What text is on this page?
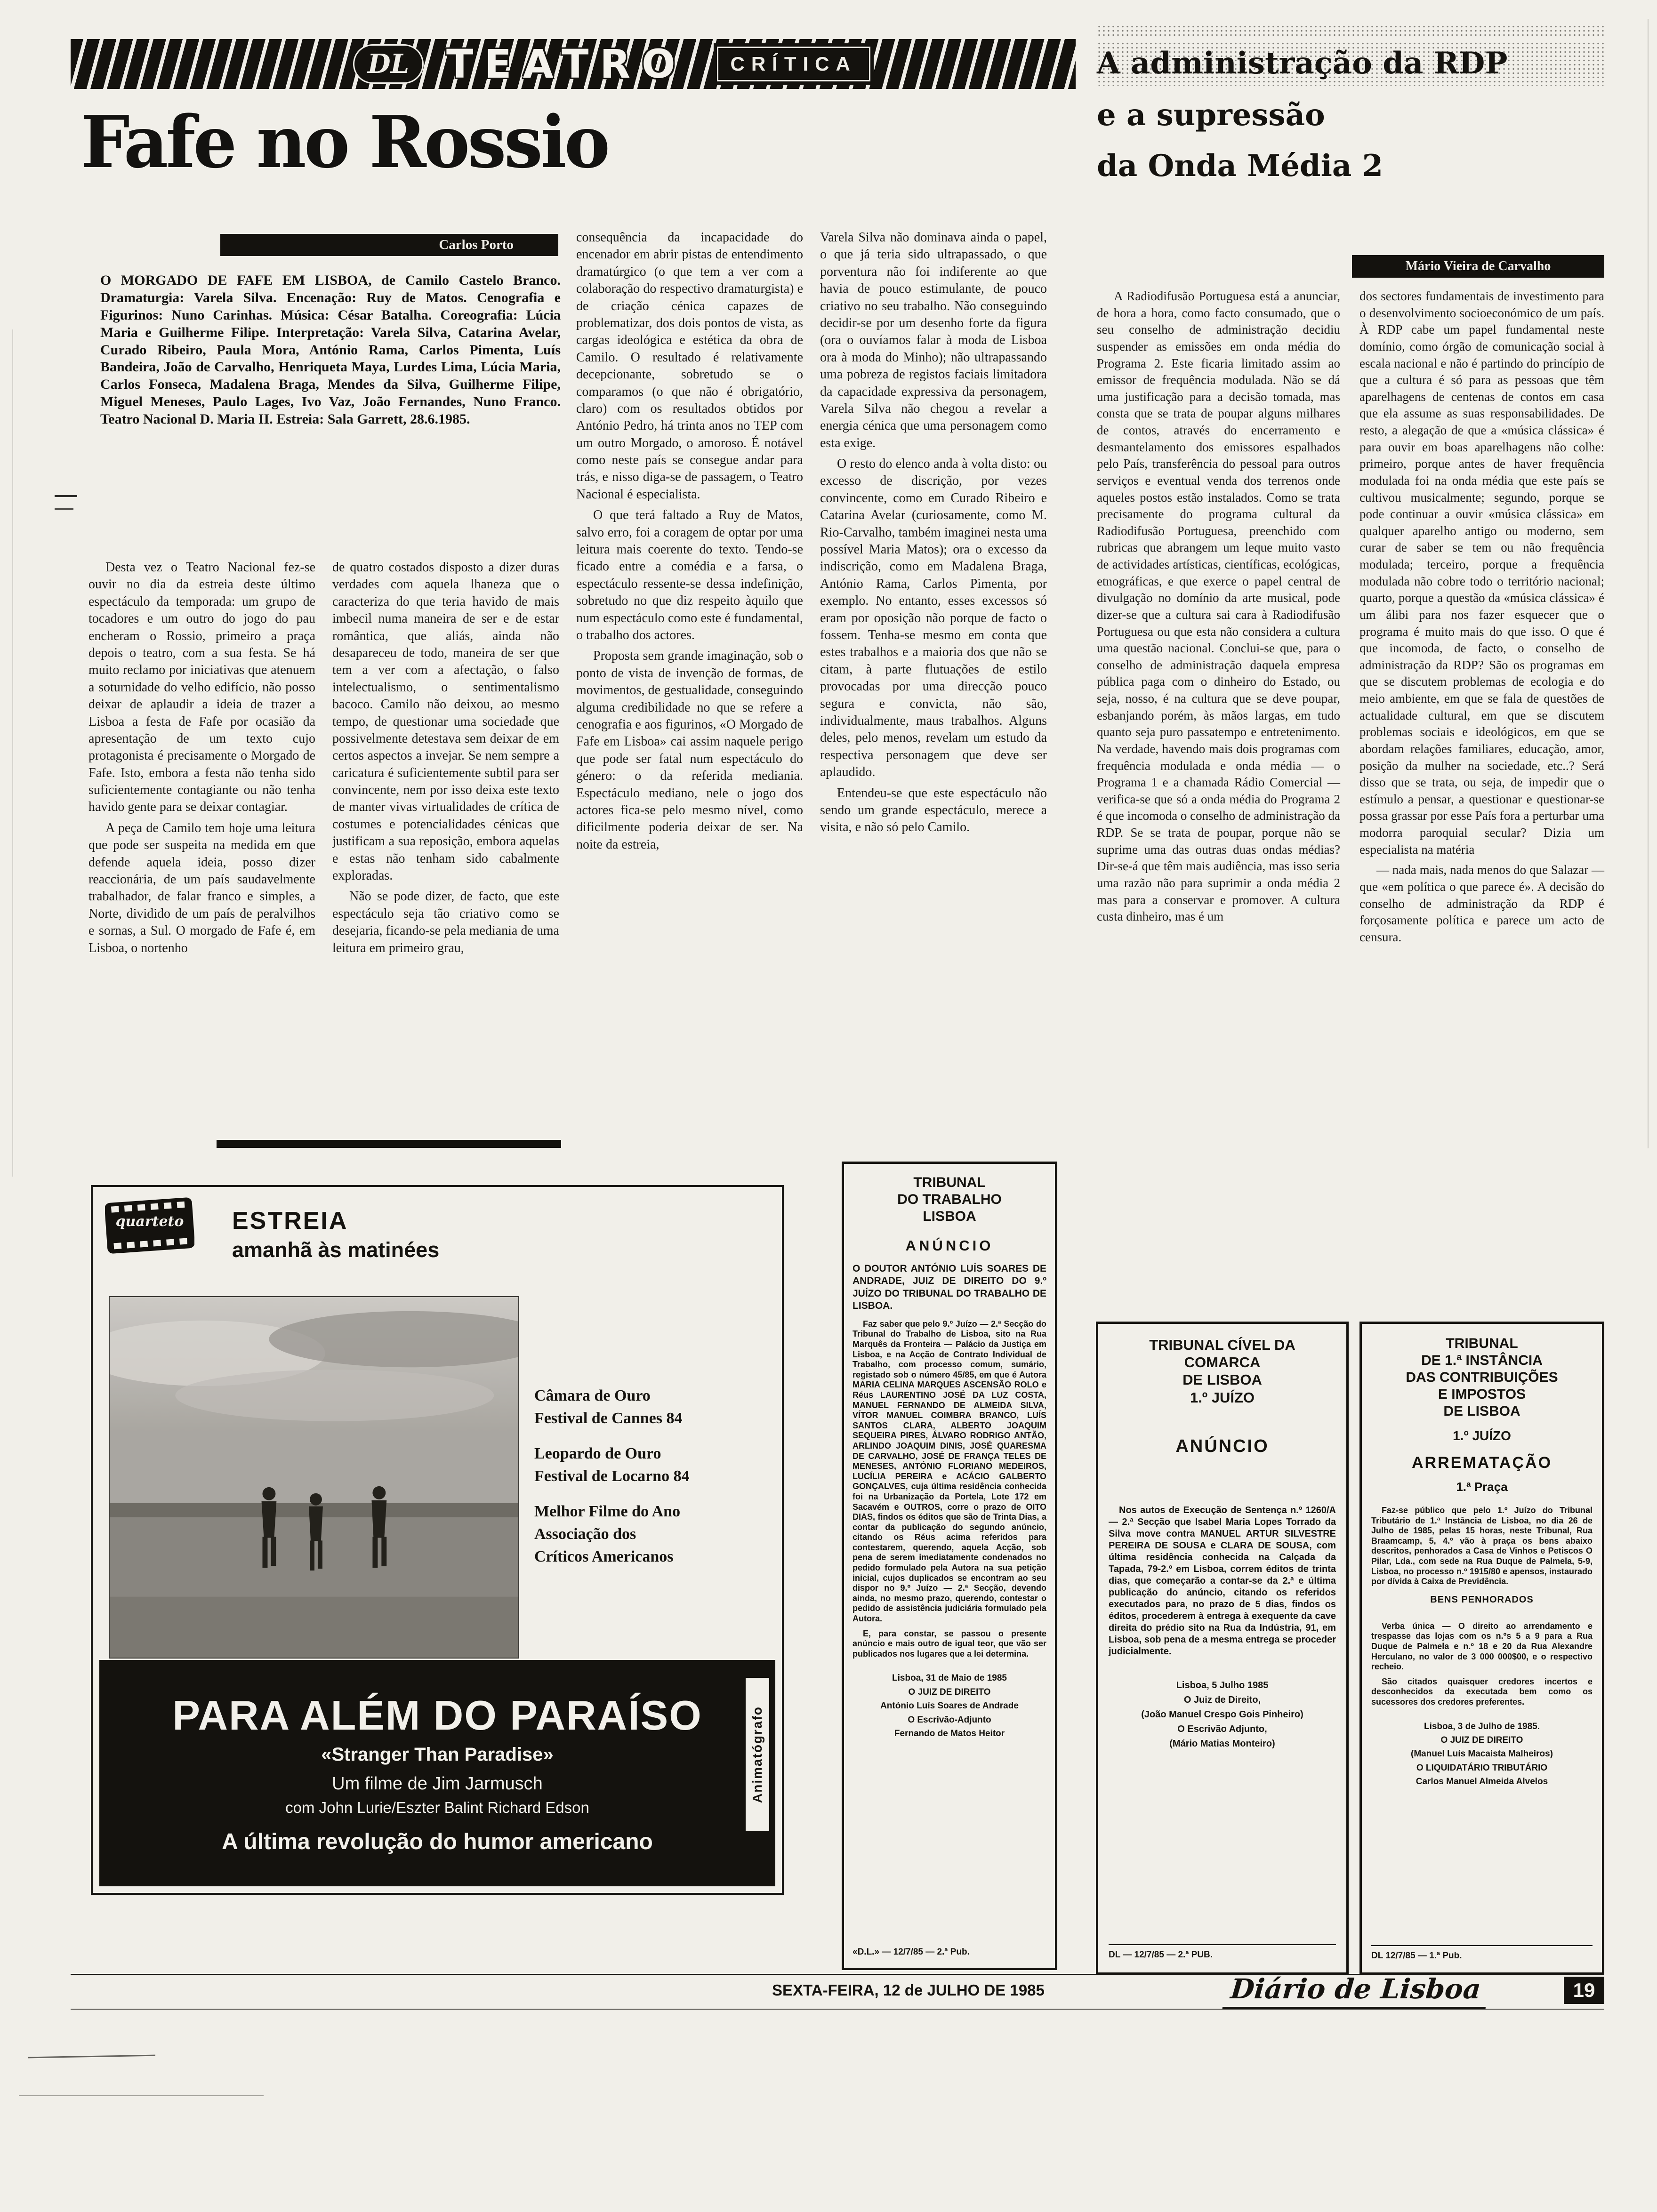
DL TEATRO	CRÍTICA	A administração da RDP
e a supressão
da Onda Média 2
Mário Vieira de Carvalho

A Radiodifusão Portuguesa está a anunciar, de hora a hora, como facto consumado, que o seu conselho de administração decidiu suspender as emissões em onda média do Programa 2. Este ficaria limitado assim ao emissor de frequência modulada. Não se dá uma justificação para a decisão tomada, mas consta que se trata de poupar alguns milhares de contos, através do encerramento e desmantelamento dos emissores espalhados pelo País, transferência do pessoal para outros serviços e eventual venda dos terrenos onde aqueles postos estão instalados. Como se trata precisamente do programa cultural da Radiodifusão Portuguesa, preenchido com rubricas que abrangem um leque muito vasto de actividades artísticas, científicas, ecológicas, etnográficas, e que exerce o papel central de divulgação no domínio da arte musical, pode dizer-se que a cultura sai cara à Radiodifusão Portuguesa ou que esta não considera a cultura uma questão nacional. Conclui-se que, para o conselho de administração daquela empresa pública paga com o dinheiro do Estado, ou seja, nosso, é na cultura que se deve poupar, esbanjando porém, às mãos largas, em tudo quanto seja puro passatempo e entretenimento. Na verdade, havendo mais dois programas com frequência modulada e onda média — o Programa 1 e a chamada Rádio Comercial — verifica-se que só a onda média do Programa 2 é que incomoda o conselho de administração da RDP. Se se trata de poupar, porque não se suprime uma das outras duas ondas médias? Dir-se-á que têm mais audiência, mas isso seria uma razão não para suprimir a onda média 2 mas para a conservar e promover. A cultura custa dinheiro, mas é um

dos sectores fundamentais de investimento para o desenvolvimento socioeconómico de um país. À RDP cabe um papel fundamental neste domínio, como órgão de comunicação social à escala nacional e não é partindo do princípio de que a cultura é só para as pessoas que têm aparelhagens de centenas de contos em casa que ela assume as suas responsabilidades. De resto, a alegação de que a «música clássica» é para ouvir em boas aparelhagens não colhe: primeiro, porque antes de haver frequência modulada foi na onda média que este país se cultivou musicalmente; segundo, porque se pode continuar a ouvir «música clássica» em qualquer aparelho antigo ou moderno, sem curar de saber se tem ou não frequência modulada; terceiro, porque a frequência modulada não cobre todo o território nacional; quarto, porque a questão da «música clássica» é um álibi para nos fazer esquecer que o programa é muito mais do que isso. O que é que incomoda, de facto, o conselho de administração da RDP? São os programas em que se discutem problemas de ecologia e do meio ambiente, em que se fala de questões de actualidade cultural, em que se discutem problemas sociais e ideológicos, em que se abordam relações familiares, educação, amor, posição da mulher na sociedade, etc..? Será disso que se trata, ou seja, de impedir que o estímulo a pensar, a questionar e questionar-se possa grassar por esse País fora a perturbar uma modorra paroquial secular? Dizia um especialista na matéria

— nada mais, nada menos do que Salazar — que «em política o que parece é». A decisão do conselho de administração da RDP é forçosamente política e parece um acto de censura.

Fafe no Rossio
Carlos Porto
O MORGADO DE FAFE EM LISBOA, de Camilo Castelo Branco. Dramaturgia: Varela Silva. Encenação: Ruy de Matos. Cenografia e Figurinos: Nuno Carinhas. Música: César Batalha. Coreografia: Lúcia Maria e Guilherme Filipe. Interpretação: Varela Silva, Catarina Avelar, Curado Ribeiro, Paula Mora, António Rama, Carlos Pimenta, Luís Bandeira, João de Carvalho, Henriqueta Maya, Lurdes Lima, Lúcia Maria, Carlos Fonseca, Madalena Braga, Mendes da Silva, Guilherme Filipe, Miguel Meneses, Paulo Lages, Ivo Vaz, João Fernandes, Nuno Franco. Teatro Nacional D. Maria II. Estreia: Sala Garrett, 28.6.1985.

Desta vez o Teatro Nacional fez-se ouvir no dia da estreia deste último espectáculo da temporada: um grupo de tocadores e um outro do jogo do pau encheram o Rossio, primeiro a praça depois o teatro, com a sua festa. Se há muito reclamo por iniciativas que atenuem a soturnidade do velho edifício, não posso deixar de aplaudir a ideia de trazer a Lisboa a festa de Fafe por ocasião da apresentação de um texto cujo protagonista é precisamente o Morgado de Fafe. Isto, embora a festa não tenha sido suficientemente contagiante ou não tenha havido gente para se deixar contagiar.

A peça de Camilo tem hoje uma leitura que pode ser suspeita na medida em que defende aquela ideia, posso dizer reaccionária, de um país saudavelmente trabalhador, de falar franco e simples, a Norte, dividido de um país de peralvilhos e sornas, a Sul. O morgado de Fafe é, em Lisboa, o nortenho

de quatro costados disposto a dizer duras verdades com aquela lhaneza que o caracteriza do que teria havido de mais imbecil numa maneira de ser e de estar romântica, que aliás, ainda não desapareceu de todo, maneira de ser que tem a ver com a afectação, o falso intelectualismo, o sentimentalismo bacoco. Camilo não deixou, ao mesmo tempo, de questionar uma sociedade que possivelmente detestava sem deixar de em certos aspectos a invejar. Se nem sempre a caricatura é suficientemente subtil para ser convincente, nem por isso deixa este texto de manter vivas virtualidades de crítica de costumes e potencialidades cénicas que justificam a sua reposição, embora aquelas e estas não tenham sido cabalmente exploradas.

Não se pode dizer, de facto, que este espectáculo seja tão criativo como se desejaria, ficando-se pela mediania de uma leitura em primeiro grau,

consequência da incapacidade do encenador em abrir pistas de entendimento dramatúrgico (o que tem a ver com a colaboração do respectivo dramaturgista) e de criação cénica capazes de problematizar, dos dois pontos de vista, as cargas ideológica e estética da obra de Camilo. O resultado é relativamente decepcionante, sobretudo se o comparamos (o que não é obrigatório, claro) com os resultados obtidos por António Pedro, há trinta anos no TEP com um outro Morgado, o amoroso. É notável como neste país se consegue andar para trás, e nisso diga-se de passagem, o Teatro Nacional é especialista.

O que terá faltado a Ruy de Matos, salvo erro, foi a coragem de optar por uma leitura mais coerente do texto. Tendo-se ficado entre a comédia e a farsa, o espectáculo ressente-se dessa indefinição, sobretudo no que diz respeito àquilo que num espectáculo como este é fundamental, o trabalho dos actores.

Proposta sem grande imaginação, sob o ponto de vista de invenção de formas, de movimentos, de gestualidade, conseguindo alguma credibilidade no que se refere a cenografia e aos figurinos, «O Morgado de Fafe em Lisboa» cai assim naquele perigo que pode ser fatal num espectáculo do género: o da referida mediania. Espectáculo mediano, nele o jogo dos actores fica-se pelo mesmo nível, como dificilmente poderia deixar de ser. Na noite da estreia,

Varela Silva não dominava ainda o papel, o que já teria sido ultrapassado, o que porventura não foi indiferente ao que havia de pouco estimulante, de pouco criativo no seu trabalho. Não conseguindo decidir-se por um desenho forte da figura (ora o ouvíamos falar à moda de Lisboa ora à moda do Minho); não ultrapassando uma pobreza de registos faciais limitadora da capacidade expressiva da personagem, Varela Silva não chegou a revelar a energia cénica que uma personagem como esta exige.

O resto do elenco anda à volta disto: ou excesso de discrição, por vezes convincente, como em Curado Ribeiro e Catarina Avelar (curiosamente, como M. Rio-Carvalho, também imaginei nesta uma possível Maria Matos); ora o excesso da indiscrição, como em Madalena Braga, António Rama, Carlos Pimenta, por exemplo. No entanto, esses excessos só eram por oposição não porque de facto o fossem. Tenha-se mesmo em conta que estes trabalhos e a maioria dos que não se citam, à parte flutuações de estilo provocadas por uma direcção pouco segura e convicta, não são, individualmente, maus trabalhos. Alguns deles, pelo menos, revelam um estudo da respectiva personagem que deve ser aplaudido.

Entendeu-se que este espectáculo não sendo um grande espectáculo, merece a visita, e não só pelo Camilo.

quarteto	ESTREIA
amanhã às matinées

Câmara de Ouro

Festival de Cannes 84

Leopardo de Ouro

Festival de Locarno 84

Melhor Filme do Ano

Associação dos

Críticos Americanos

PARA ALÉM DO PARAÍSO
«Stranger Than Paradise»
Um filme de Jim Jarmusch
com John Lurie/Eszter Balint Richard Edson
A última revolução do humor americano
Animatógrafo
TRIBUNAL
DO TRABALHO
LISBOA
ANÚNCIO
O DOUTOR ANTÓNIO LUÍS SOARES DE ANDRADE, JUIZ DE DIREITO DO 9.º JUÍZO DO TRIBUNAL DO TRABALHO DE LISBOA.

Faz saber que pelo 9.º Juízo — 2.ª Secção do Tribunal do Trabalho de Lisboa, sito na Rua Marquês da Fronteira — Palácio da Justiça em Lisboa, e na Acção de Contrato Individual de Trabalho, com processo comum, sumário, registado sob o número 45/85, em que é Autora MARIA CELINA MARQUES ASCENSÃO ROLO e Réus LAURENTINO JOSÉ DA LUZ COSTA, MANUEL FERNANDO DE ALMEIDA SILVA, VÍTOR MANUEL COIMBRA BRANCO, LUÍS SANTOS CLARA, ALBERTO JOAQUIM SEQUEIRA PIRES, ÁLVARO RODRIGO ANTÃO, ARLINDO JOAQUIM DINIS, JOSÉ QUARESMA DE CARVALHO, JOSÉ DE FRANÇA TELES DE MENESES, ANTÓNIO FLORIANO MEDEIROS, LUCÍLIA PEREIRA e ACÁCIO GALBERTO GONÇALVES, cuja última residência conhecida foi na Urbanização da Portela, Lote 172 em Sacavém e OUTROS, corre o prazo de OITO DIAS, findos os éditos que são de Trinta Dias, a contar da publicação do segundo anúncio, citando os Réus acima referidos para contestarem, querendo, aquela Acção, sob pena de serem imediatamente condenados no pedido formulado pela Autora na sua petição inicial, cujos duplicados se encontram ao seu dispor no 9.º Juízo — 2.ª Secção, devendo ainda, no mesmo prazo, querendo, contestar o pedido de assistência judiciária formulado pela Autora.

E, para constar, se passou o presente anúncio e mais outro de igual teor, que vão ser publicados nos lugares que a lei determina.

Lisboa, 31 de Maio de 1985
O JUIZ DE DIREITO
António Luís Soares de Andrade
O Escrivão-Adjunto
Fernando de Matos Heitor
«D.L.» — 12/7/85 — 2.ª Pub.
TRIBUNAL CÍVEL DA
COMARCA
DE LISBOA
1.º JUÍZO
ANÚNCIO

Nos autos de Execução de Sentença n.º 1260/A — 2.ª Secção que Isabel Maria Lopes Torrado da Silva move contra MANUEL ARTUR SILVESTRE PEREIRA DE SOUSA e CLARA DE SOUSA, com última residência conhecida na Calçada da Tapada, 79-2.º em Lisboa, correm éditos de trinta dias, que começarão a contar-se da 2.ª e última publicação do anúncio, citando os referidos executados para, no prazo de 5 dias, findos os éditos, procederem à entrega à exequente da cave direita do prédio sito na Rua da Indústria, 91, em Lisboa, sob pena de a mesma entrega se proceder judicialmente.

Lisboa, 5 Julho 1985
O Juiz de Direito,
(João Manuel Crespo Gois Pinheiro)
O Escrivão Adjunto,
(Mário Matias Monteiro)
DL — 12/7/85 — 2.ª PUB.
TRIBUNAL
DE 1.ª INSTÂNCIA
DAS CONTRIBUIÇÕES
E IMPOSTOS
DE LISBOA
1.º JUÍZO
ARREMATAÇÃO
1.ª Praça

Faz-se público que pelo 1.º Juízo do Tribunal Tributário de 1.ª Instância de Lisboa, no dia 26 de Julho de 1985, pelas 15 horas, neste Tribunal, Rua Braamcamp, 5, 4.º vão à praça os bens abaixo descritos, penhorados a Casa de Vinhos e Petiscos O Pilar, Lda., com sede na Rua Duque de Palmela, 5-9, Lisboa, no processo n.º 1915/80 e apensos, instaurado por dívida à Caixa de Previdência.

BENS PENHORADOS

Verba única — O direito ao arrendamento e trespasse das lojas com os n.ºs 5 a 9 para a Rua Duque de Palmela e n.º 18 e 20 da Rua Alexandre Herculano, no valor de 3 000 000$00, e o respectivo recheio.

São citados quaisquer credores incertos e desconhecidos da executada bem como os sucessores dos credores preferentes.

Lisboa, 3 de Julho de 1985.
O JUIZ DE DIREITO
(Manuel Luís Macaista Malheiros)
O LIQUIDATÁRIO TRIBUTÁRIO
Carlos Manuel Almeida Alvelos
DL 12/7/85 — 1.ª Pub.
SEXTA-FEIRA, 12 de JULHO DE 1985	Diário de Lisboa	19
